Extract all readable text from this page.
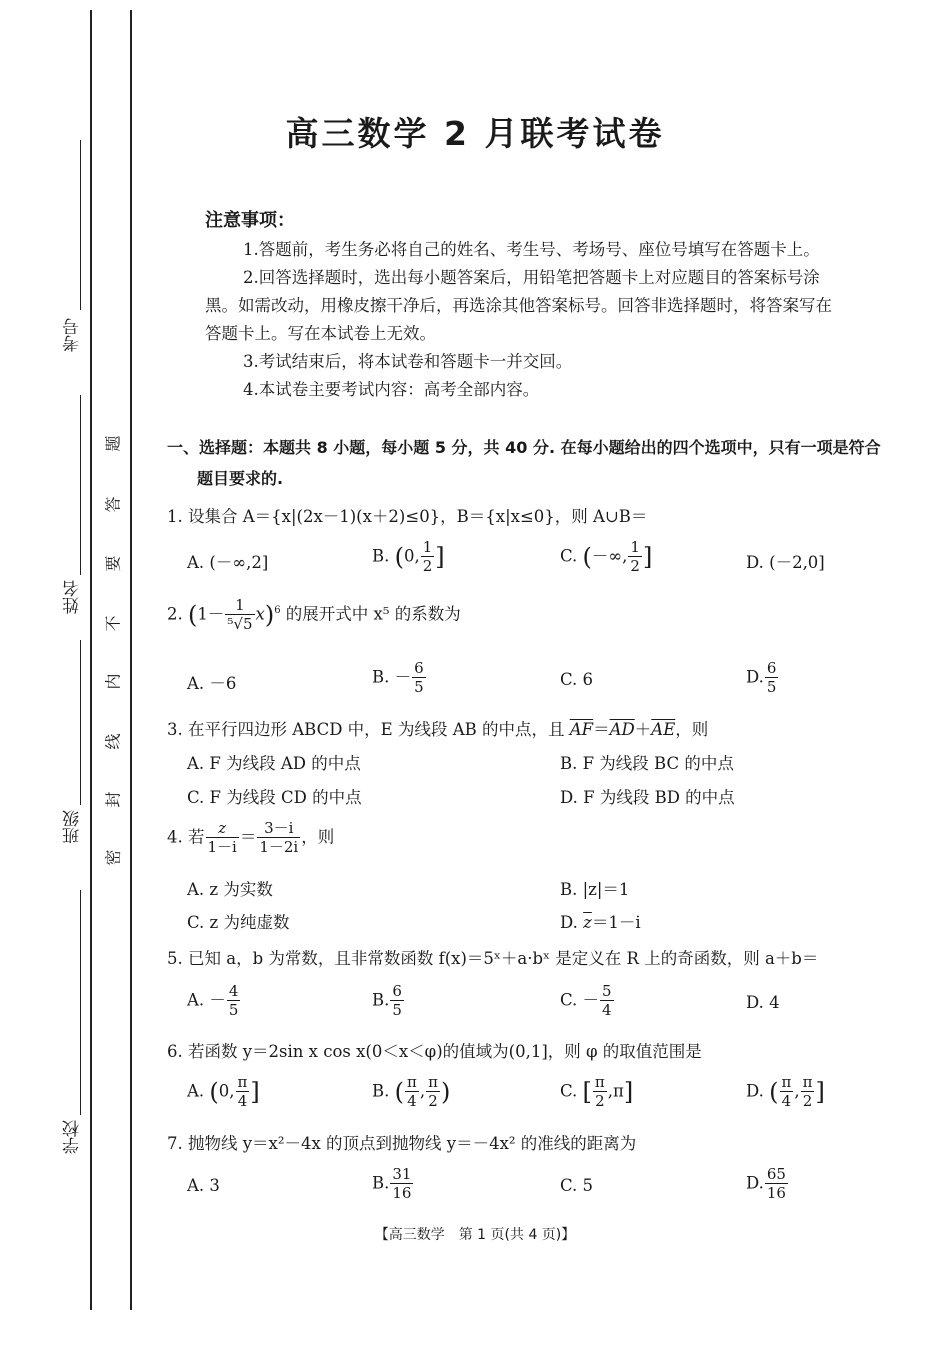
考号
姓名
班级
学校
题
答
要
不
内
线
封
密
高三数学 2 月联考试卷
注意事项：
1.答题前，考生务必将自己的姓名、考生号、考场号、座位号填写在答题卡上。
2.回答选择题时，选出每小题答案后，用铅笔把答题卡上对应题目的答案标号涂
黑。如需改动，用橡皮擦干净后，再选涂其他答案标号。回答非选择题时，将答案写在
答题卡上。写在本试卷上无效。
3.考试结束后，将本试卷和答题卡一并交回。
4.本试卷主要考试内容：高考全部内容。
一、选择题：本题共 8 小题，每小题 5 分，共 40 分. 在每小题给出的四个选项中，只有一项是符合
题目要求的.
1. 设集合 A＝{x|(2x－1)(x＋2)≤0}，B＝{x|x≤0}，则 A∪B＝
A. (－∞,2]	B. (0, $\frac{1}{2}$ ]	C. (－∞, $\frac{1}{2}$ ]	D. (－2,0]
2. $(1- \frac{1}{\text{⁵√5}} x)^6$ 的展开式中 x⁵ 的系数为
A. －6	B. － $\frac{6}{5}$	C. 6	D. $\frac{6}{5}$
3. 在平行四边形 ABCD 中，E 为线段 AB 的中点，且 $\overline{AF}=\overline{AD}+\overline{AE}$，则
A. F 为线段 AD 的中点	B. F 为线段 BC 的中点
C. F 为线段 CD 的中点	D. F 为线段 BD 的中点
4. 若 $\frac{z}{1-i} = \frac{3-i}{1-2i}$ ，则
A. z 为实数	B. |z|＝1
C. z 为纯虚数	D. $\overline{z}=1-i$
5. 已知 a，b 为常数，且非常数函数 f(x)＝5ˣ＋a·bˣ 是定义在 R 上的奇函数，则 a＋b＝
A. － $\frac{4}{5}$	B. $\frac{6}{5}$	C. － $\frac{5}{4}$	D. 4
6. 若函数 y＝2sin x cos x(0＜x＜φ)的值域为(0,1]，则 φ 的取值范围是
A. (0, $\frac{\pi}{4}$ ]	B. ( $\frac{\pi}{4}$ , $\frac{\pi}{2}$ )	C. [ $\frac{\pi}{2} ,\pi$]	D. ( $\frac{\pi}{4}$ , $\frac{\pi}{2}$ ]
7. 抛物线 y＝x²－4x 的顶点到抛物线 y＝－4x² 的准线的距离为
A. 3	B. $\frac{31}{16}$	C. 5	D. $\frac{65}{16}$
【高三数学　第 1 页(共 4 页)】
